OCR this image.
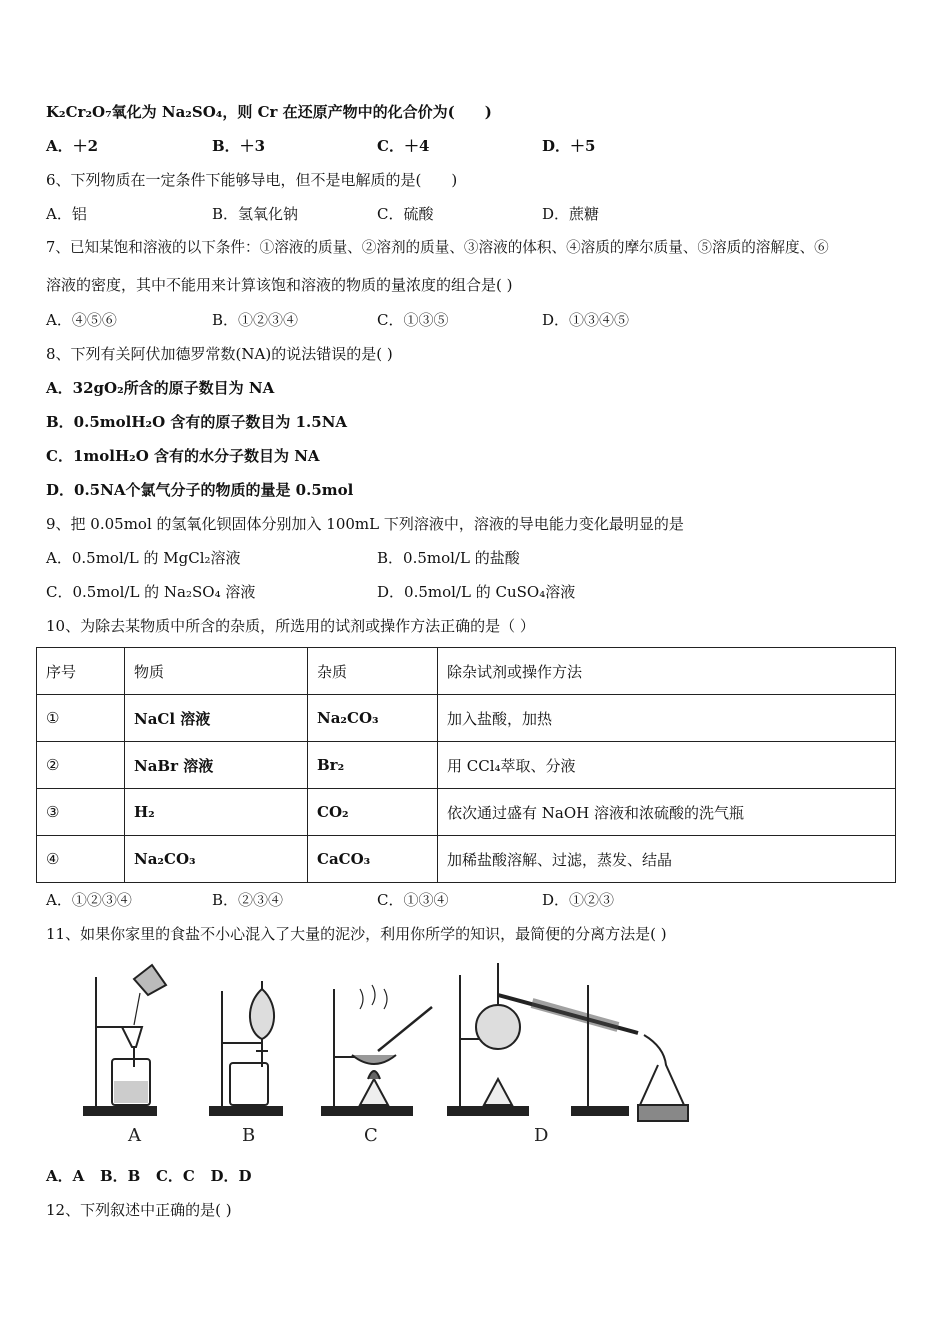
K₂Cr₂O₇氧化为 Na₂SO₄，则 Cr 在还原产物中的化合价为(　　)
A．＋2	B．＋3	C．＋4	D．＋5
6、下列物质在一定条件下能够导电，但不是电解质的是(　　)
A．铝	B．氢氧化钠	C．硫酸	D．蔗糖
7、已知某饱和溶液的以下条件：①溶液的质量、②溶剂的质量、③溶液的体积、④溶质的摩尔质量、⑤溶质的溶解度、⑥
溶液的密度，其中不能用来计算该饱和溶液的物质的量浓度的组合是( )
A．④⑤⑥	B．①②③④	C．①③⑤	D．①③④⑤
8、下列有关阿伏加德罗常数(NA)的说法错误的是( )
A．32gO₂所含的原子数目为 NA
B．0.5molH₂O 含有的原子数目为 1.5NA
C．1molH₂O 含有的水分子数目为 NA
D．0.5NA个氯气分子的物质的量是 0.5mol
9、把 0.05mol 的氢氧化钡固体分别加入 100mL 下列溶液中，溶液的导电能力变化最明显的是
A．0.5mol/L 的 MgCl₂溶液	B．0.5mol/L 的盐酸
C．0.5mol/L 的 Na₂SO₄ 溶液	D．0.5mol/L 的 CuSO₄溶液
10、为除去某物质中所含的杂质，所选用的试剂或操作方法正确的是（ ）
序号	物质	杂质	除杂试剂或操作方法
①	NaCl 溶液	Na₂CO₃	加入盐酸，加热
②	NaBr 溶液	Br₂	用 CCl₄萃取、分液
③	H₂	CO₂	依次通过盛有 NaOH 溶液和浓硫酸的洗气瓶
④	Na₂CO₃	CaCO₃	加稀盐酸溶解、过滤，蒸发、结晶
A．①②③④	B．②③④	C．①③④	D．①②③
11、如果你家里的食盐不小心混入了大量的泥沙，利用你所学的知识，最简便的分离方法是( )
A	B	C	D
A．A   B．B   C．C   D．D
12、下列叙述中正确的是( )
